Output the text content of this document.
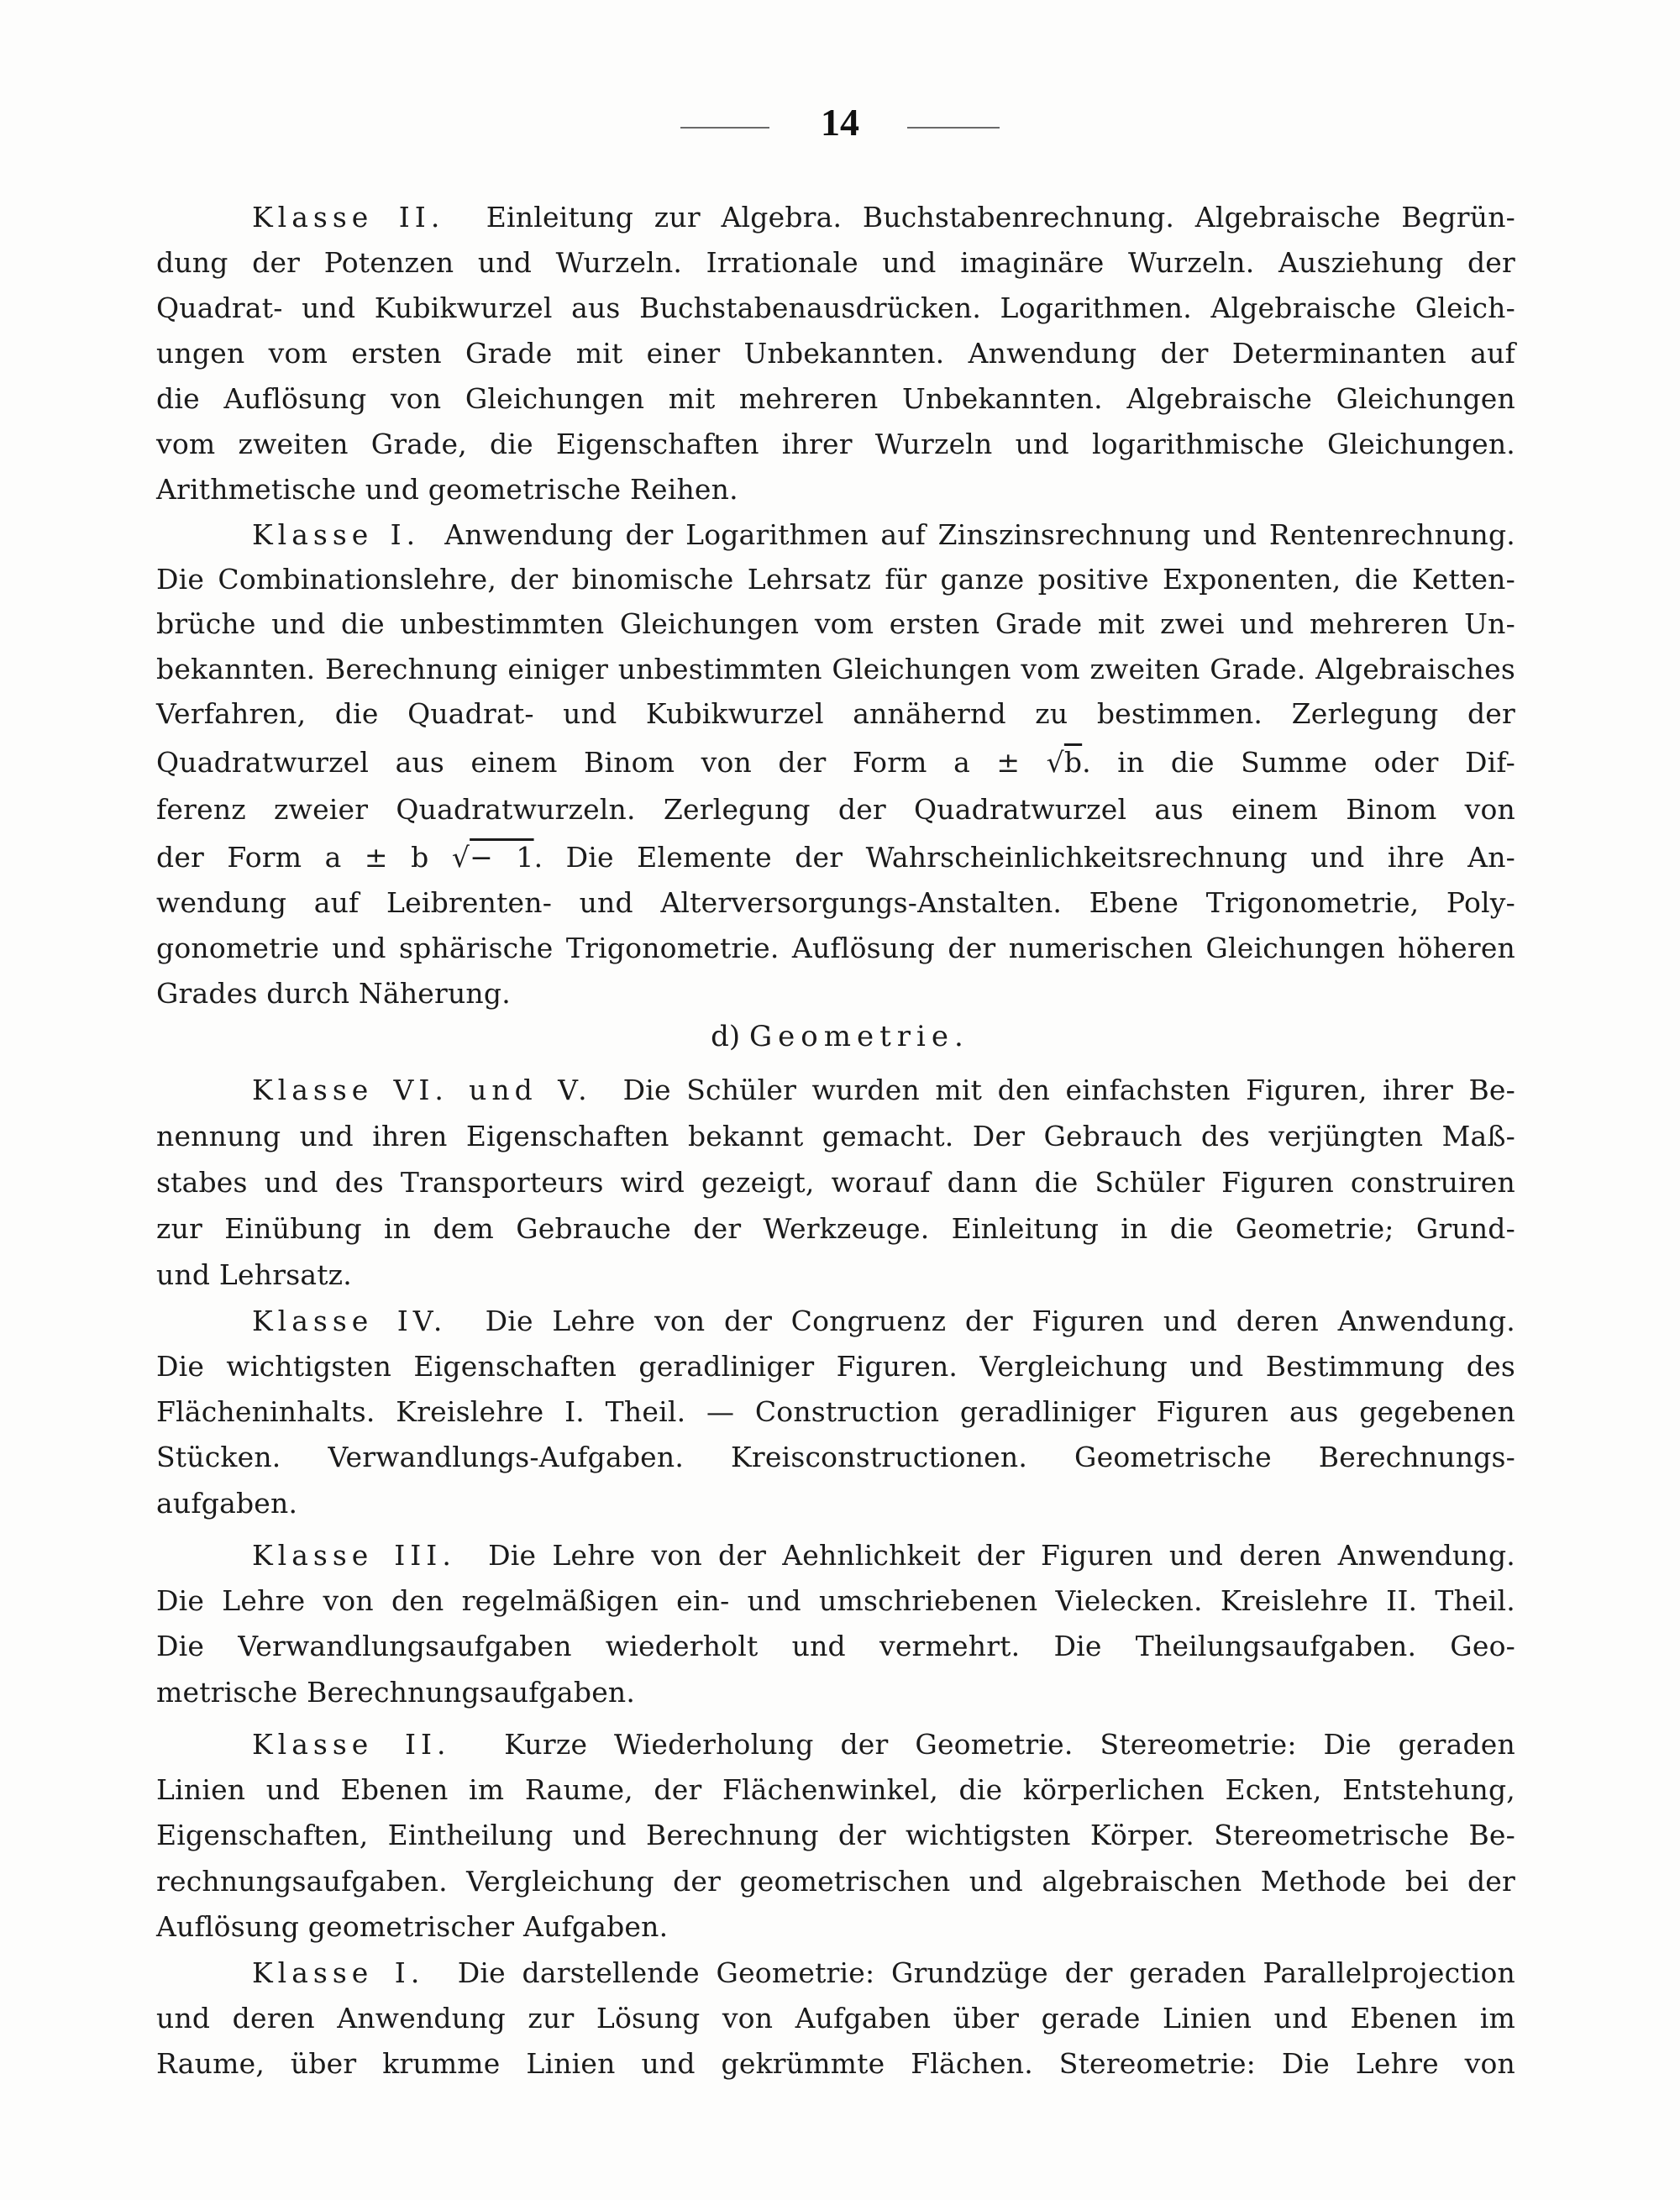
14
Klasse II. Einleitung zur Algebra. Buchstabenrechnung. Algebraische Begrün-
dung der Potenzen und Wurzeln. Irrationale und imaginäre Wurzeln. Ausziehung der
Quadrat- und Kubikwurzel aus Buchstabenausdrücken. Logarithmen. Algebraische Gleich-
ungen vom ersten Grade mit einer Unbekannten. Anwendung der Determinanten auf
die Auflösung von Gleichungen mit mehreren Unbekannten. Algebraische Gleichungen
vom zweiten Grade, die Eigenschaften ihrer Wurzeln und logarithmische Gleichungen.
Arithmetische und geometrische Reihen.
Klasse I. Anwendung der Logarithmen auf Zinszinsrechnung und Rentenrechnung.
Die Combinationslehre, der binomische Lehrsatz für ganze positive Exponenten, die Ketten-
brüche und die unbestimmten Gleichungen vom ersten Grade mit zwei und mehreren Un-
bekannten. Berechnung einiger unbestimmten Gleichungen vom zweiten Grade. Algebraisches
Verfahren, die Quadrat- und Kubikwurzel annähernd zu bestimmen. Zerlegung der
Quadratwurzel aus einem Binom von der Form a ± √b. in die Summe oder Dif-
ferenz zweier Quadratwurzeln. Zerlegung der Quadratwurzel aus einem Binom von
der Form a ± b √− 1. Die Elemente der Wahrscheinlichkeitsrechnung und ihre An-
wendung auf Leibrenten- und Alterversorgungs-Anstalten. Ebene Trigonometrie, Poly-
gonometrie und sphärische Trigonometrie. Auflösung der numerischen Gleichungen höheren
Grades durch Näherung.
d) Geometrie.
Klasse VI. und V. Die Schüler wurden mit den einfachsten Figuren, ihrer Be-
nennung und ihren Eigenschaften bekannt gemacht. Der Gebrauch des verjüngten Maß-
stabes und des Transporteurs wird gezeigt, worauf dann die Schüler Figuren construiren
zur Einübung in dem Gebrauche der Werkzeuge. Einleitung in die Geometrie; Grund-
und Lehrsatz.
Klasse IV. Die Lehre von der Congruenz der Figuren und deren Anwendung.
Die wichtigsten Eigenschaften geradliniger Figuren. Vergleichung und Bestimmung des
Flächeninhalts. Kreislehre I. Theil. — Construction geradliniger Figuren aus gegebenen
Stücken. Verwandlungs-Aufgaben. Kreisconstructionen. Geometrische Berechnungs-
aufgaben.
Klasse III. Die Lehre von der Aehnlichkeit der Figuren und deren Anwendung.
Die Lehre von den regelmäßigen ein- und umschriebenen Vielecken. Kreislehre II. Theil.
Die Verwandlungsaufgaben wiederholt und vermehrt. Die Theilungsaufgaben. Geo-
metrische Berechnungsaufgaben.
Klasse II. Kurze Wiederholung der Geometrie. Stereometrie: Die geraden
Linien und Ebenen im Raume, der Flächenwinkel, die körperlichen Ecken, Entstehung,
Eigenschaften, Eintheilung und Berechnung der wichtigsten Körper. Stereometrische Be-
rechnungsaufgaben. Vergleichung der geometrischen und algebraischen Methode bei der
Auflösung geometrischer Aufgaben.
Klasse I. Die darstellende Geometrie: Grundzüge der geraden Parallelprojection
und deren Anwendung zur Lösung von Aufgaben über gerade Linien und Ebenen im
Raume, über krumme Linien und gekrümmte Flächen. Stereometrie: Die Lehre von
